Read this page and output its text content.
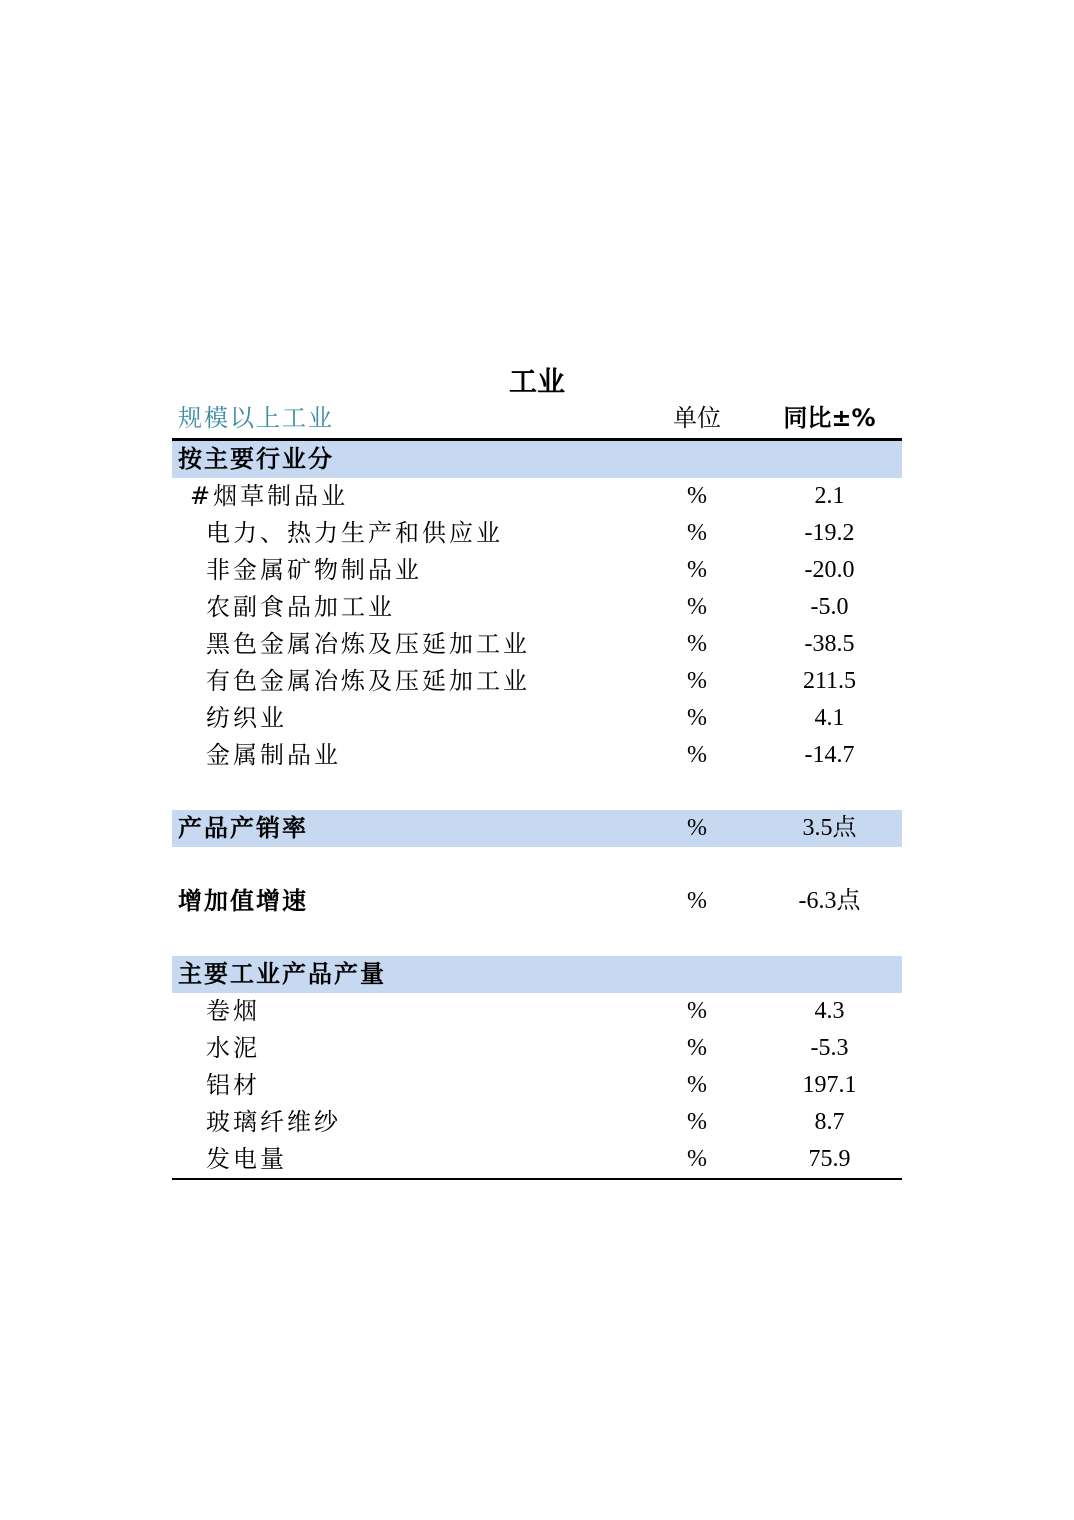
工业
规模以上工业	单位	同比±%
按主要行业分
#烟草制品业	%	2.1
电力、热力生产和供应业	%	-19.2
非金属矿物制品业	%	-20.0
农副食品加工业	%	-5.0
黑色金属冶炼及压延加工业	%	-38.5
有色金属冶炼及压延加工业	%	211.5
纺织业	%	4.1
金属制品业	%	-14.7
产品产销率	%	3.5点
增加值增速	%	-6.3点
主要工业产品产量
卷烟	%	4.3
水泥	%	-5.3
铝材	%	197.1
玻璃纤维纱	%	8.7
发电量	%	75.9
